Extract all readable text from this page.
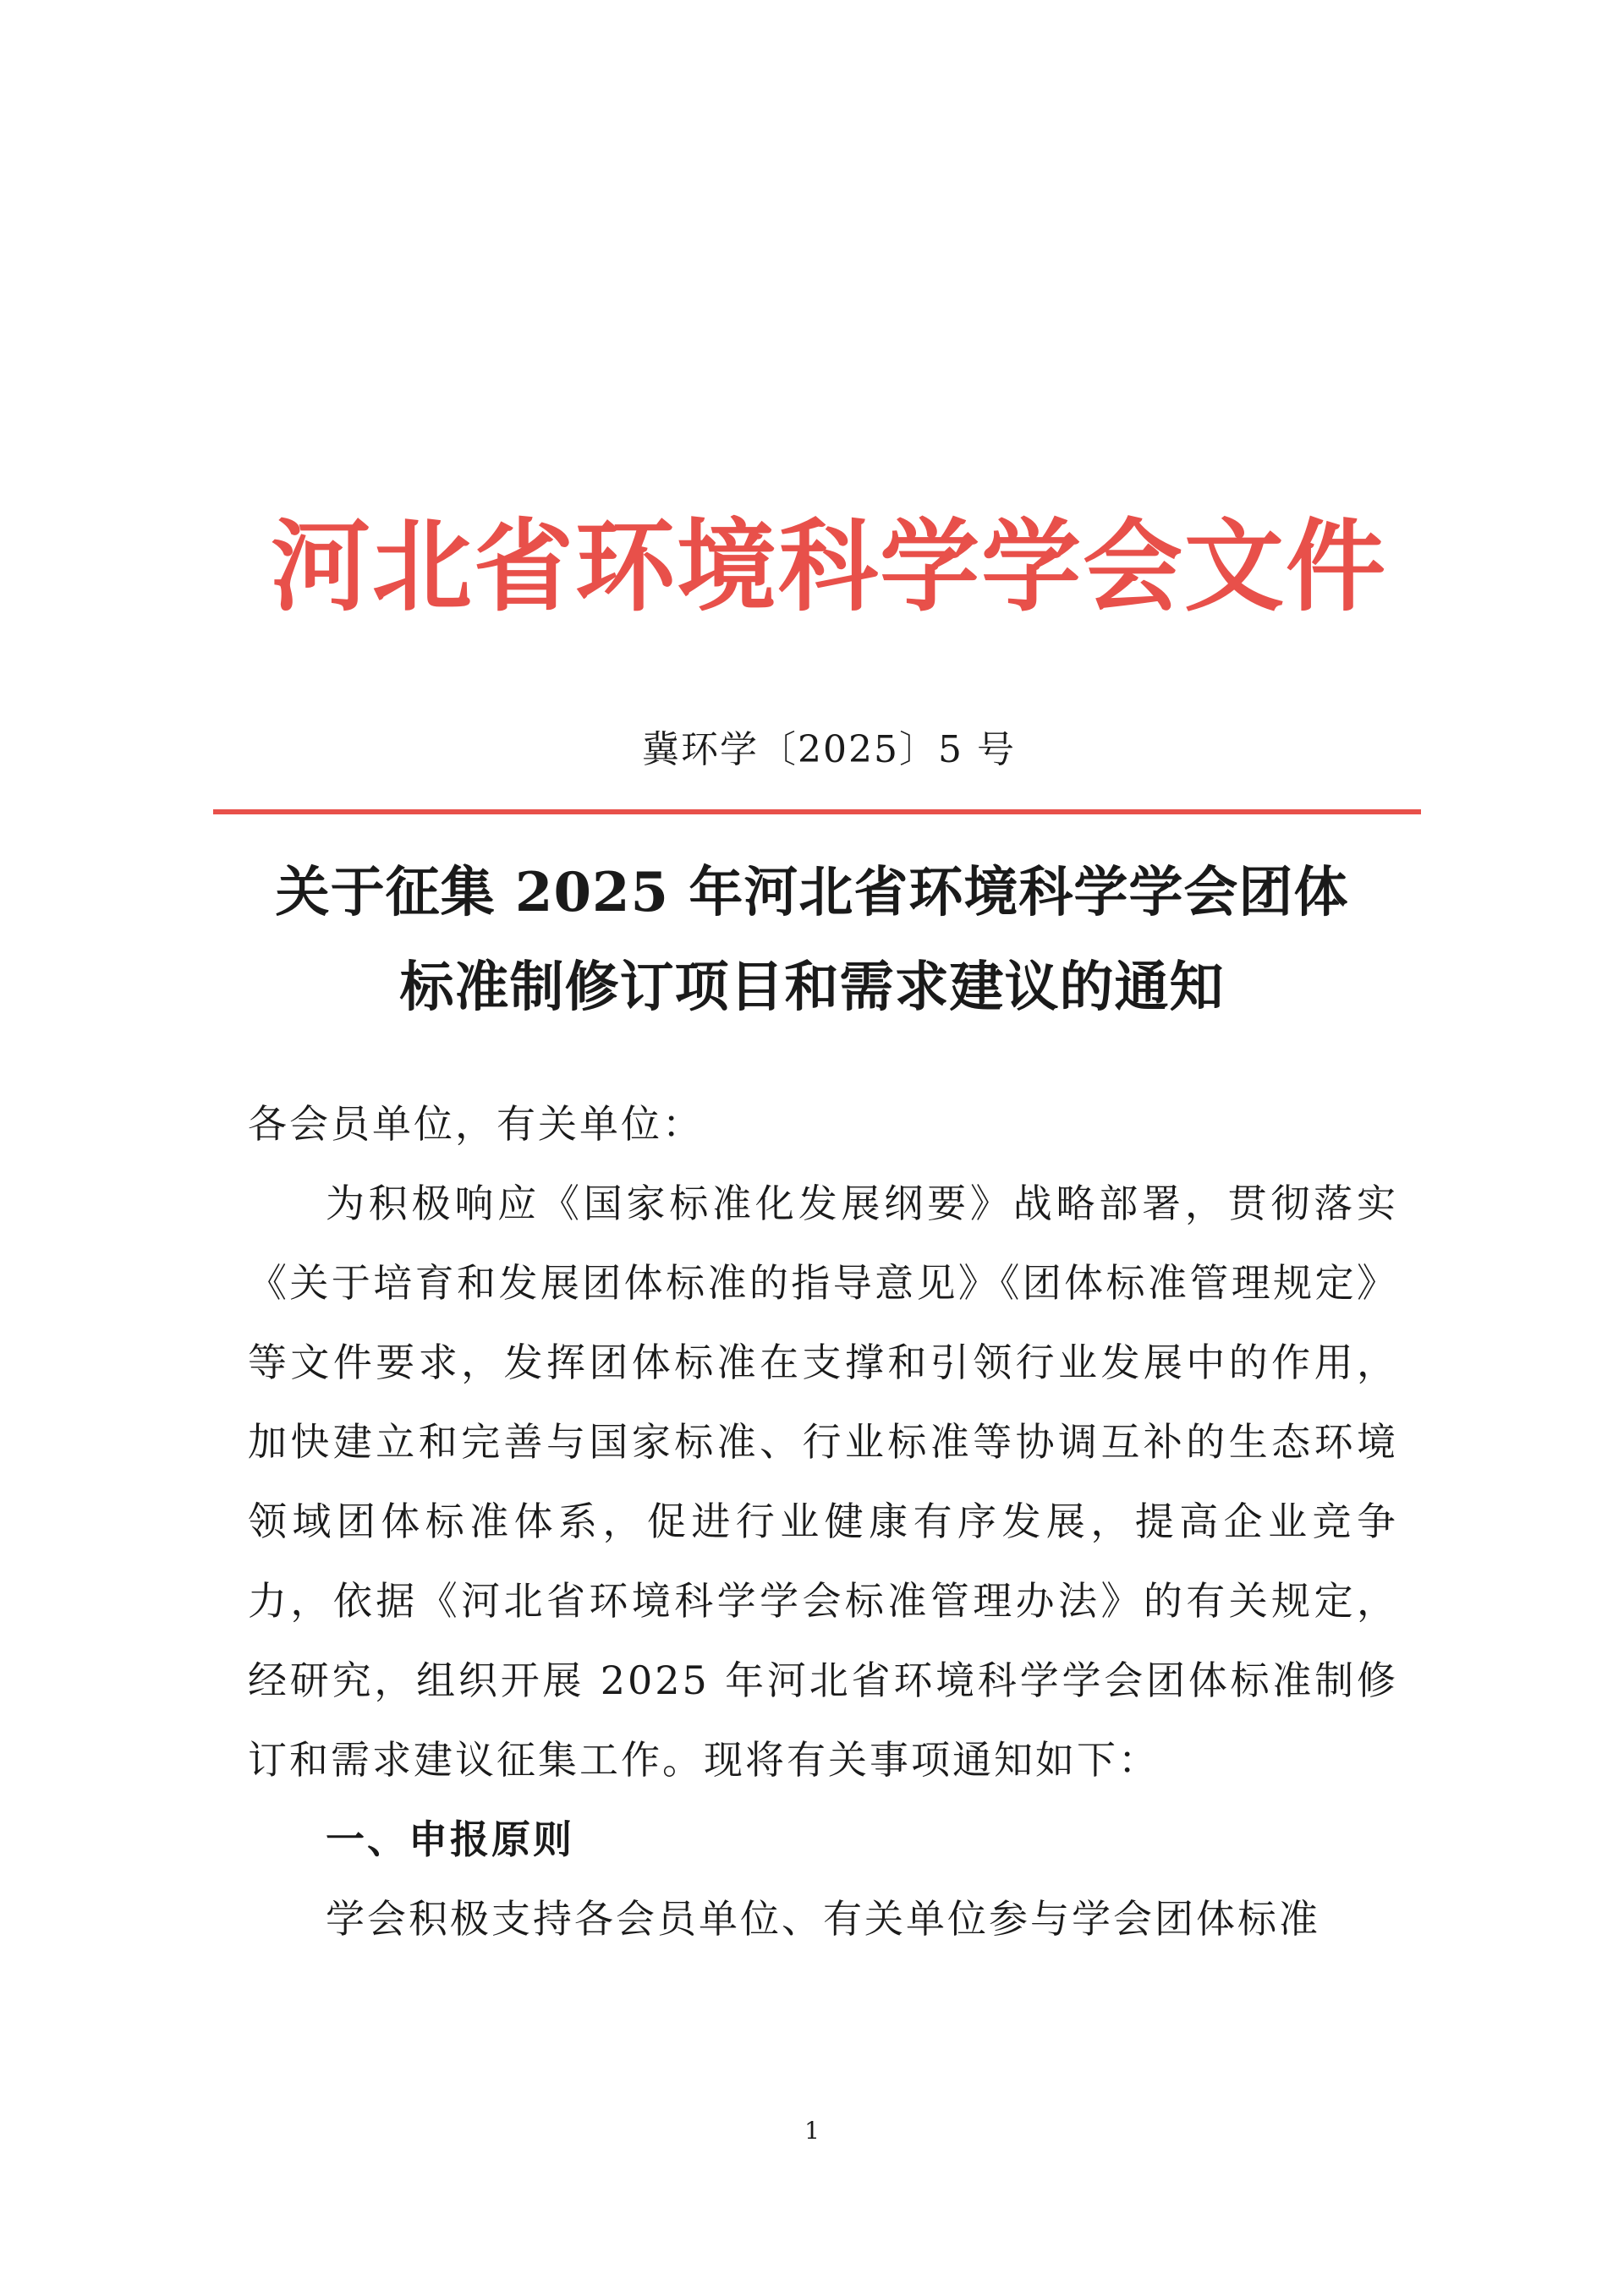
河北省环境科学学会文件
冀环学〔2025〕5 号
关于征集 2025 年河北省环境科学学会团体
标准制修订项目和需求建议的通知
各会员单位，有关单位：

为积极响应《国家标准化发展纲要》战略部署，贯彻落实《关于培育和发展团体标准的指导意见》《团体标准管理规定》等文件要求，发挥团体标准在支撑和引领行业发展中的作用，加快建立和完善与国家标准、行业标准等协调互补的生态环境领域团体标准体系，促进行业健康有序发展，提高企业竞争力，依据《河北省环境科学学会标准管理办法》的有关规定，经研究，组织开展 2025 年河北省环境科学学会团体标准制修订和需求建议征集工作。现将有关事项通知如下：

一、申报原则

学会积极支持各会员单位、有关单位参与学会团体标准

1
